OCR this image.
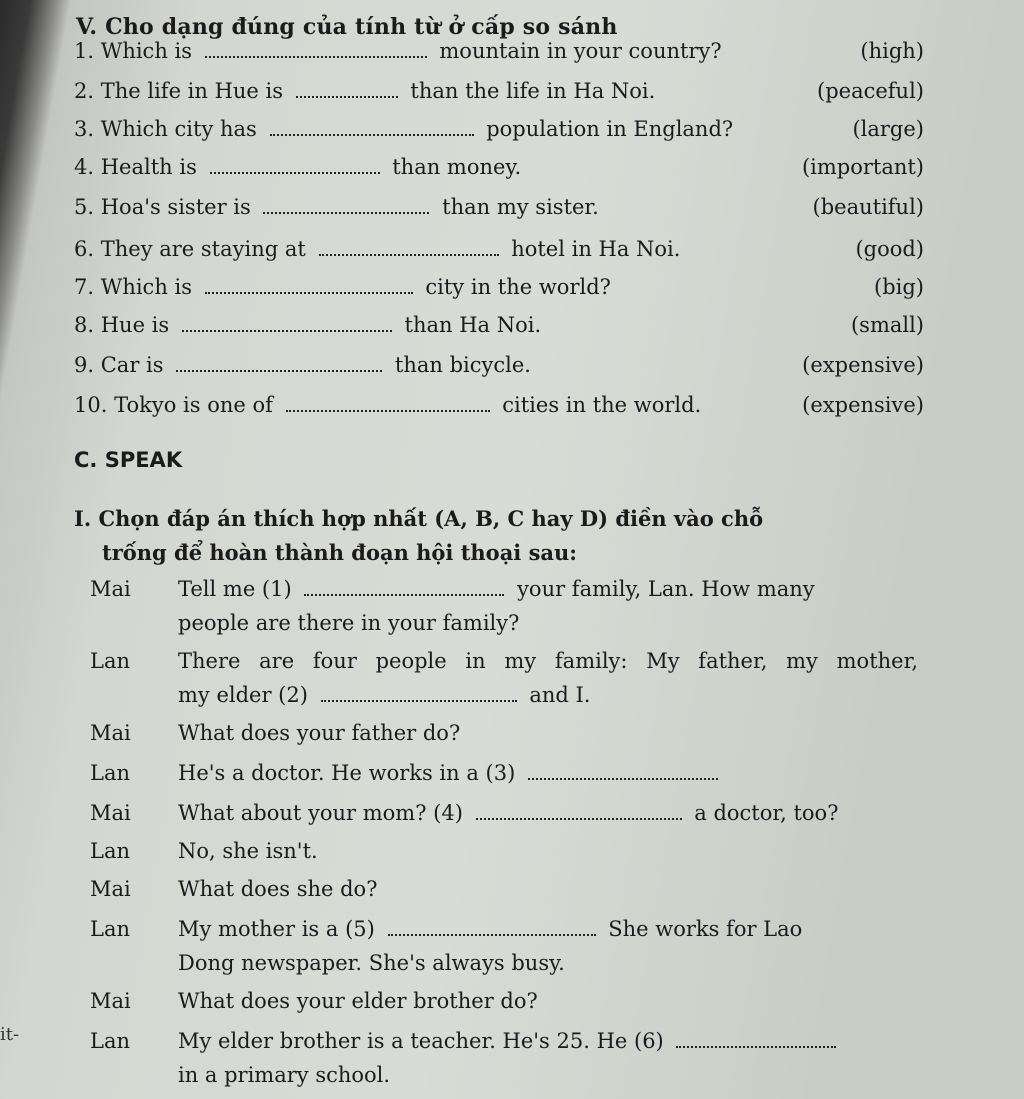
V. Cho dạng đúng của tính từ ở cấp so sánh
1. Which is	mountain in your country?	(high)
2. The life in Hue is	than the life in Ha Noi.	(peaceful)
3. Which city has	population in England?	(large)
4. Health is	than money.	(important)
5. Hoa's sister is	than my sister.	(beautiful)
6. They are staying at	hotel in Ha Noi.	(good)
7. Which is	city in the world?	(big)
8. Hue is	than Ha Noi.	(small)
9. Car is	than bicycle.	(expensive)
10. Tokyo is one of	cities in the world.	(expensive)
C. SPEAK
I. Chọn đáp án thích hợp nhất (A, B, C hay D) điền vào chỗ
trống để hoàn thành đoạn hội thoại sau:
Mai	Tell me (1)	your family, Lan. How many
people are there in your family?
Lan	There are four people in my family: My father, my mother,
my elder (2)	and I.
Mai	What does your father do?
Lan	He's a doctor. He works in a (3)
Mai	What about your mom? (4)	a doctor, too?
Lan	No, she isn't.
Mai	What does she do?
Lan	My mother is a (5)	She works for Lao
Dong newspaper. She's always busy.
Mai	What does your elder brother do?
Lan	My elder brother is a teacher. He's 25. He (6)
in a primary school.
it-
